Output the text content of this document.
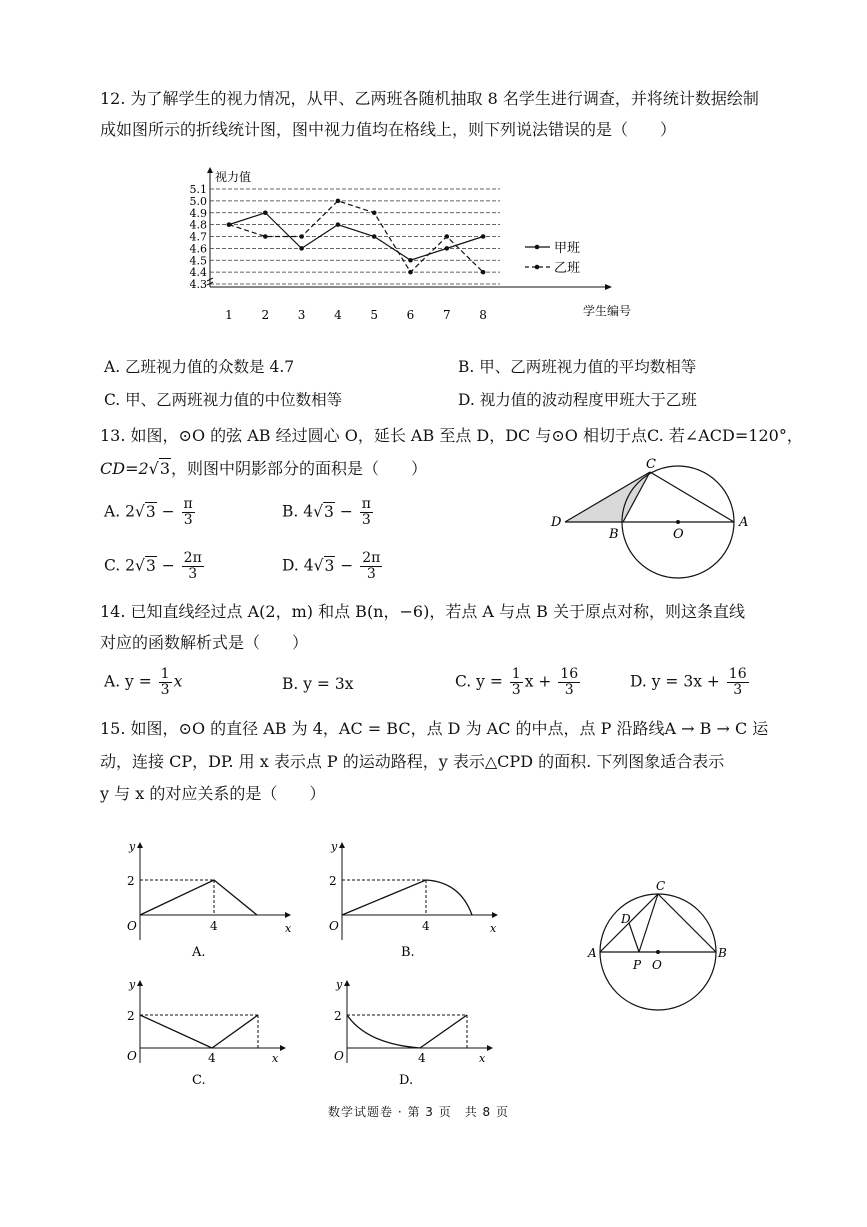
12. 为了解学生的视力情况，从甲、乙两班各随机抽取 8 名学生进行调查，并将统计数据绘制
成如图所示的折线统计图，图中视力值均在格线上，则下列说法错误的是（　　）
5.1
5.0
4.9
4.8
4.7
4.6
4.5
4.4
4.3
视力值
学生编号
1 2 3 4 5 6 7 8
甲班
乙班
A. 乙班视力值的众数是 4.7	B. 甲、乙两班视力值的平均数相等
C. 甲、乙两班视力值的中位数相等	D. 视力值的波动程度甲班大于乙班
13. 如图，⊙O 的弦 AB 经过圆心 O，延长 AB 至点 D，DC 与⊙O 相切于点C. 若∠ACD=120°，
CD=2√3，则图中阴影部分的面积是（　　）
A. $2√3 - \frac{\pi}{3}$	B. $4√3 - \frac{\pi}{3}$
C. $2√3 - \frac{2\pi}{3}$	D. $4√3 - \frac{2\pi}{3}$
C
D
B	O
A
14. 已知直线经过点 A(2，m) 和点 B(n，−6)，若点 A 与点 B 关于原点对称，则这条直线
对应的函数解析式是（　　）
A. $y = \frac{1}{3}$ x	B. y = 3x	C. $y = \frac{1}{3}$ $x + \frac{16}{3}$	D. $y = 3x + \frac{16}{3}$
15. 如图，⊙O 的直径 AB 为 4，AC = BC，点 D 为 AC 的中点，点 P 沿路线A → B → C 运
动，连接 CP，DP. 用 x 表示点 P 的运动路程，y 表示△CPD 的面积. 下列图象适合表示
y 与 x 的对应关系的是（　　）
y
x
O
2
4
A.
y
x
O
2
4
B.
y
x
O
2
4
C.
y
x
O
2
4
D.
C
D
A	B
P O
数学试题卷 · 第 3 页　共 8 页
